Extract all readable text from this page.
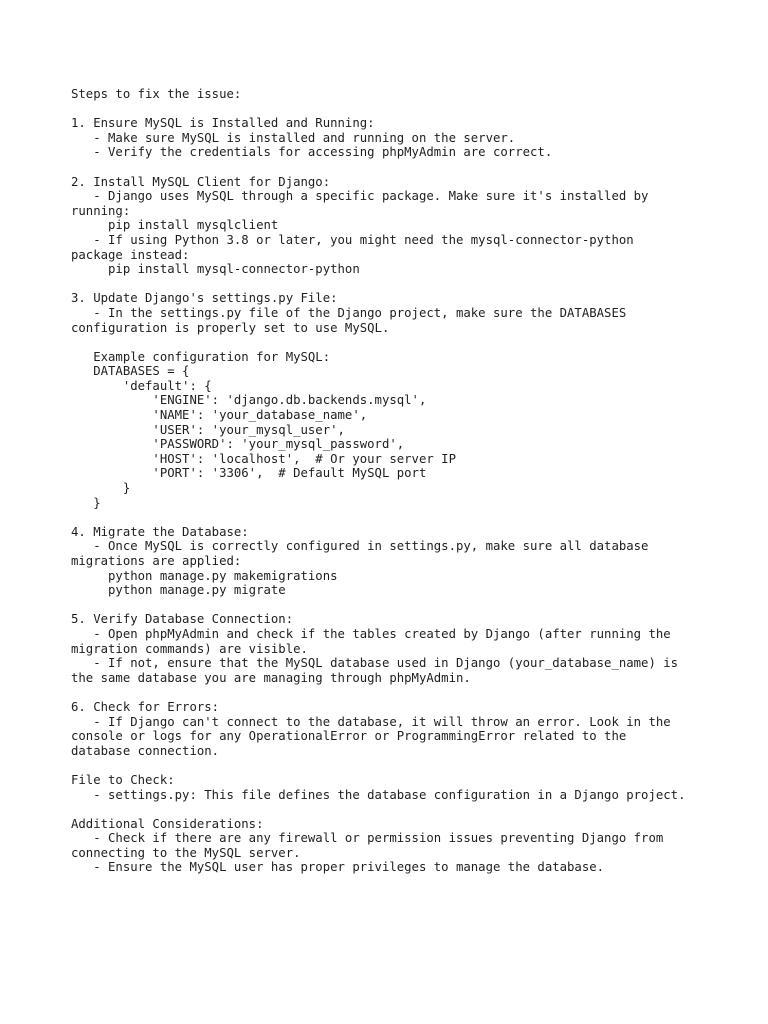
Steps to fix the issue:
1. Ensure MySQL is Installed and Running:
- Make sure MySQL is installed and running on the server.
- Verify the credentials for accessing phpMyAdmin are correct.
2. Install MySQL Client for Django:
- Django uses MySQL through a specific package. Make sure it's installed by
running:
pip install mysqlclient
- If using Python 3.8 or later, you might need the mysql-connector-python
package instead:
pip install mysql-connector-python
3. Update Django's settings.py File:
- In the settings.py file of the Django project, make sure the DATABASES
configuration is properly set to use MySQL.
Example configuration for MySQL:
DATABASES = {
'default': {
'ENGINE': 'django.db.backends.mysql',
'NAME': 'your_database_name',
'USER': 'your_mysql_user',
'PASSWORD': 'your_mysql_password',
'HOST': 'localhost',  # Or your server IP
'PORT': '3306',  # Default MySQL port
}
}
4. Migrate the Database:
- Once MySQL is correctly configured in settings.py, make sure all database
migrations are applied:
python manage.py makemigrations
python manage.py migrate
5. Verify Database Connection:
- Open phpMyAdmin and check if the tables created by Django (after running the
migration commands) are visible.
- If not, ensure that the MySQL database used in Django (your_database_name) is
the same database you are managing through phpMyAdmin.
6. Check for Errors:
- If Django can't connect to the database, it will throw an error. Look in the
console or logs for any OperationalError or ProgrammingError related to the
database connection.
File to Check:
- settings.py: This file defines the database configuration in a Django project.
Additional Considerations:
- Check if there are any firewall or permission issues preventing Django from
connecting to the MySQL server.
- Ensure the MySQL user has proper privileges to manage the database.
